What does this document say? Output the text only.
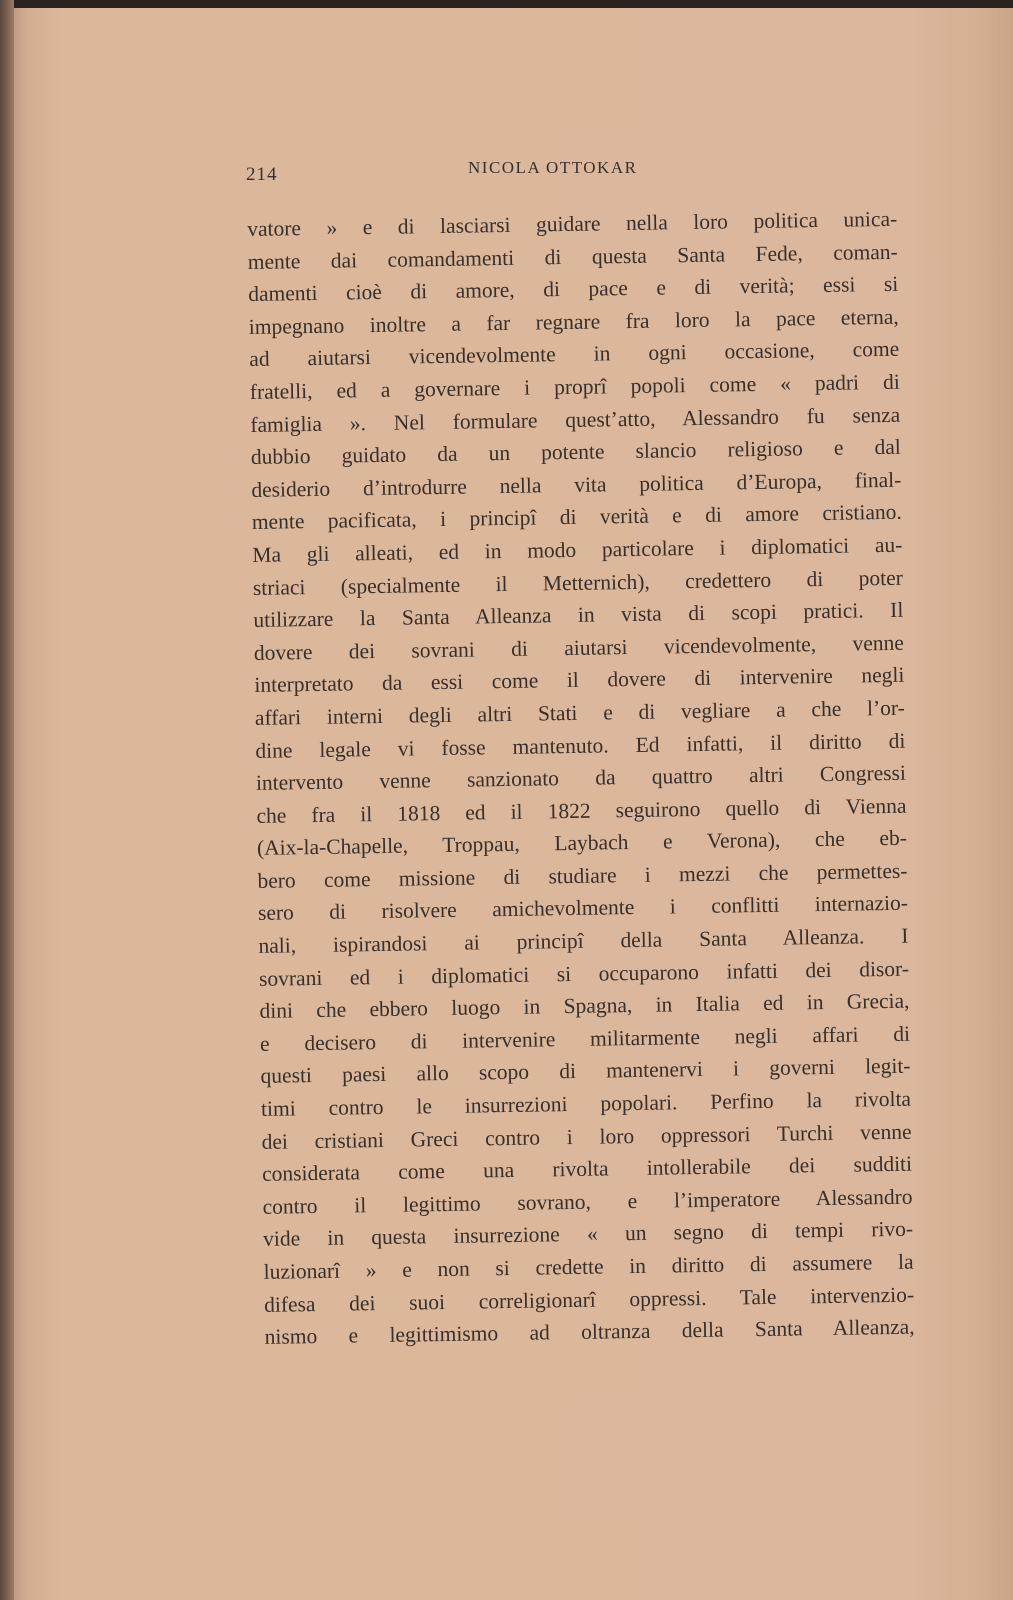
214	NICOLA OTTOKAR
vatore » e di lasciarsi guidare nella loro politica unica-
mente dai comandamenti di questa Santa Fede, coman-
damenti cioè di amore, di pace e di verità; essi si
impegnano inoltre a far regnare fra loro la pace eterna,
ad aiutarsi vicendevolmente in ogni occasione, come
fratelli, ed a governare i proprî popoli come « padri di
famiglia ». Nel formulare quest’atto, Alessandro fu senza
dubbio guidato da un potente slancio religioso e dal
desiderio d’introdurre nella vita politica d’Europa, final-
mente pacificata, i principî di verità e di amore cristiano.
Ma gli alleati, ed in modo particolare i diplomatici au-
striaci (specialmente il Metternich), credettero di poter
utilizzare la Santa Alleanza in vista di scopi pratici. Il
dovere dei sovrani di aiutarsi vicendevolmente, venne
interpretato da essi come il dovere di intervenire negli
affari interni degli altri Stati e di vegliare a che l’or-
dine legale vi fosse mantenuto. Ed infatti, il diritto di
intervento venne sanzionato da quattro altri Congressi
che fra il 1818 ed il 1822 seguirono quello di Vienna
(Aix-la-Chapelle, Troppau, Laybach e Verona), che eb-
bero come missione di studiare i mezzi che permettes-
sero di risolvere amichevolmente i conflitti internazio-
nali, ispirandosi ai principî della Santa Alleanza. I
sovrani ed i diplomatici si occuparono infatti dei disor-
dini che ebbero luogo in Spagna, in Italia ed in Grecia,
e decisero di intervenire militarmente negli affari di
questi paesi allo scopo di mantenervi i governi legit-
timi contro le insurrezioni popolari. Perfino la rivolta
dei cristiani Greci contro i loro oppressori Turchi venne
considerata come una rivolta intollerabile dei sudditi
contro il legittimo sovrano, e l’imperatore Alessandro
vide in questa insurrezione « un segno di tempi rivo-
luzionarî » e non si credette in diritto di assumere la
difesa dei suoi correligionarî oppressi. Tale intervenzio-
nismo e legittimismo ad oltranza della Santa Alleanza,
